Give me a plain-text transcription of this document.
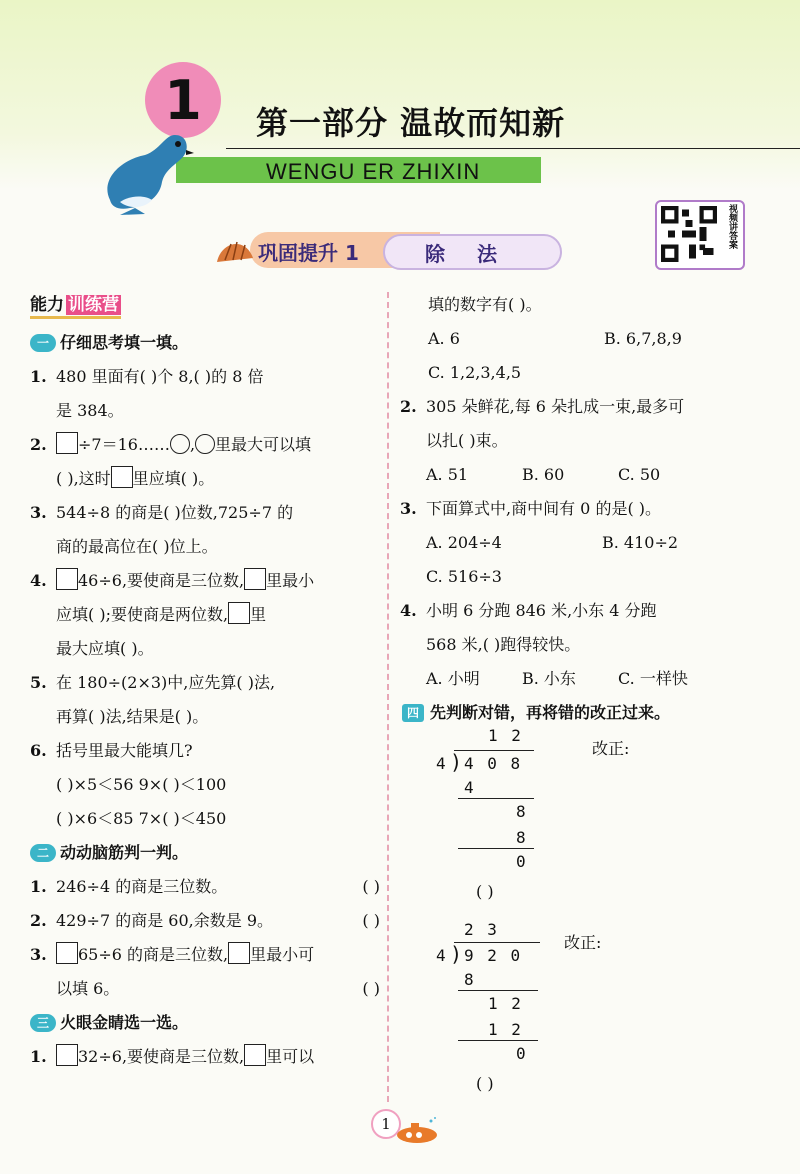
1	第一部分 温故而知新
WENGU ER ZHIXIN
视频讲答案
巩固提升 1	除法
能力 训练营
一 仔细思考填一填。
1. 480 里面有( )个 8,( )的 8 倍
是 384。
2.	÷7＝16…… , 里最大可以填
( ),这时 里应填( )。
3. 544÷8 的商是( )位数,725÷7 的
商的最高位在( )位上。
4.	46÷6,要使商是三位数, 里最小
应填( );要使商是两位数, 里
最大应填( )。
5. 在 180÷(2×3)中,应先算( )法,
再算( )法,结果是( )。
6. 括号里最大能填几?
( )×5＜56 9×( )＜100
( )×6＜85 7×( )＜450
二 动动脑筋判一判。
1. 246÷4 的商是三位数。	( )
2. 429÷7 的商是 60,余数是 9。	( )
3.	65÷6 的商是三位数, 里最小可
以填 6。	( )
三 火眼金睛选一选。
1.	32÷6,要使商是三位数, 里可以
填的数字有( )。
A. 6	B. 6,7,8,9
C. 1,2,3,4,5
2. 305 朵鲜花,每 6 朵扎成一束,最多可
以扎( )束。
A. 51	B. 60	C. 50
3. 下面算式中,商中间有 0 的是( )。
A. 204÷4	B. 410÷2
C. 516÷3
4. 小明 6 分跑 846 米,小东 4 分跑
568 米,( )跑得较快。
A. 小明	B. 小东	C. 一样快
四 先判断对错，再将错的改正过来。
1 2
4 ) 4 0 8
4
8
8
0
( )
改正:
2 3
4 ) 9 2 0
8
1 2
1 2
0
( )
改正:
1
